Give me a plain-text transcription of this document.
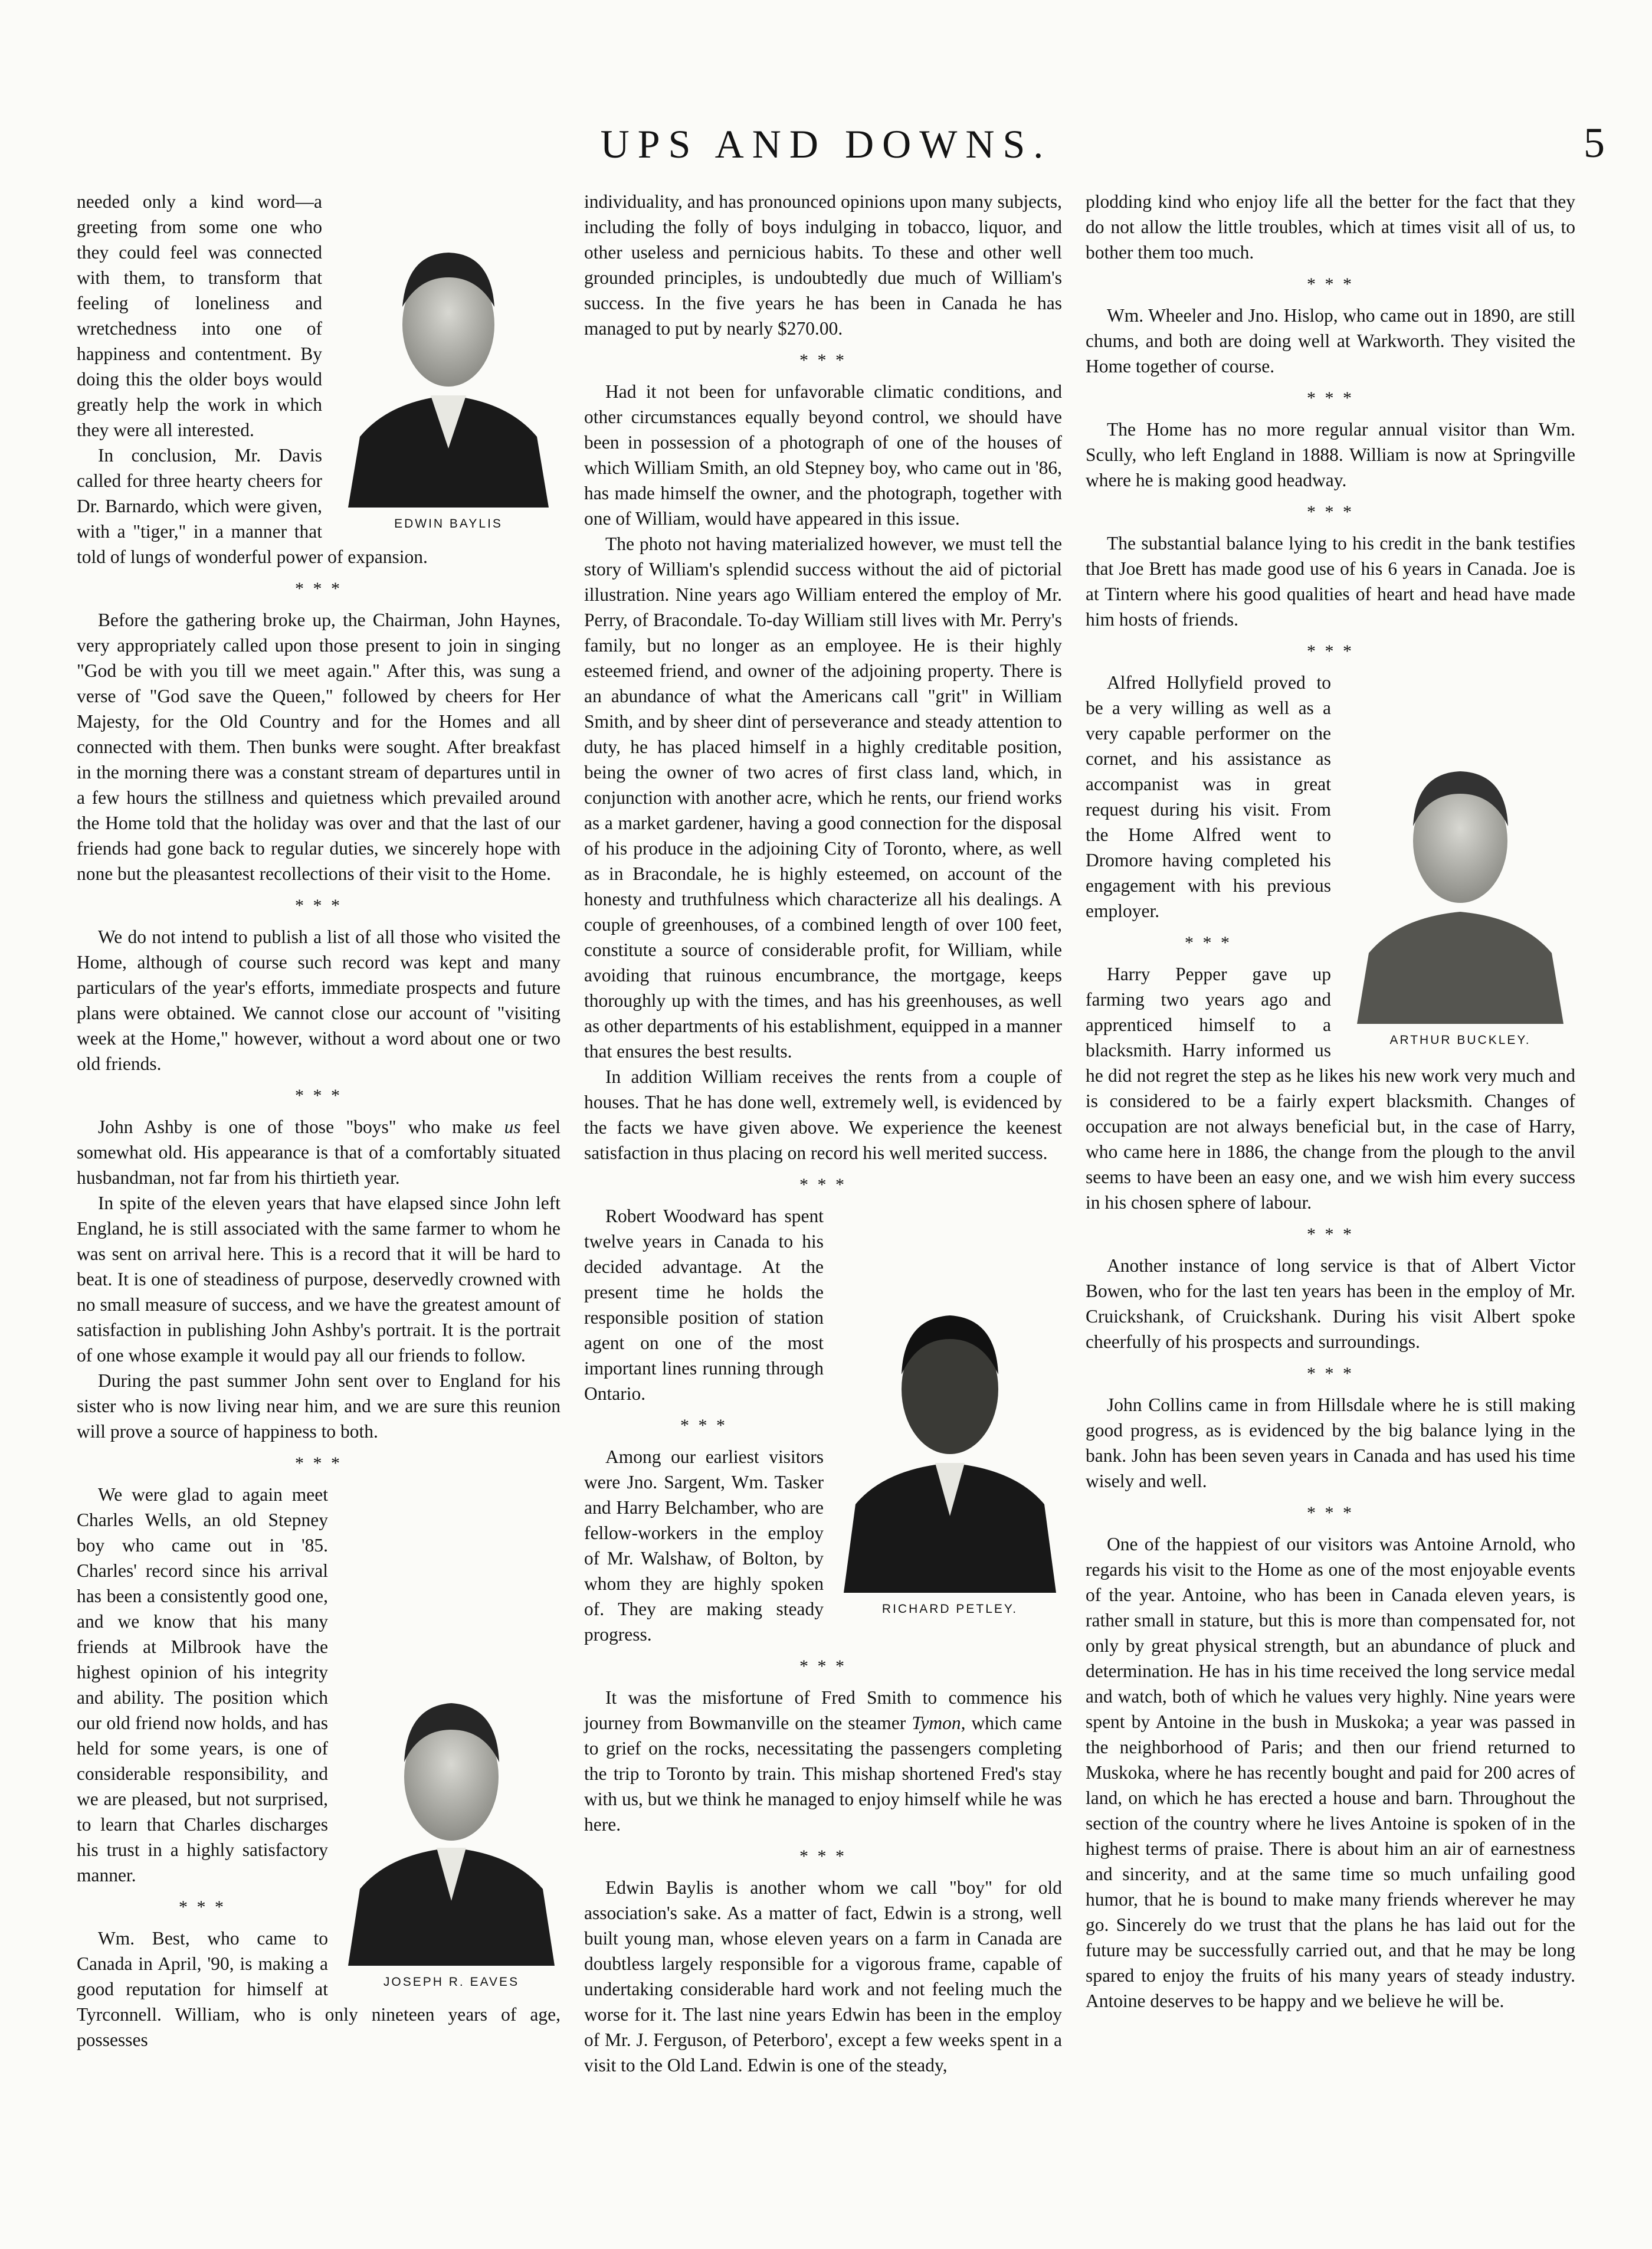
UPS AND DOWNS.	5
EDWIN BAYLIS

needed only a kind word—a greeting from some one who they could feel was connected with them, to transform that feeling of loneliness and wretchedness into one of happiness and contentment. By doing this the older boys would greatly help the work in which they were all interested.

In conclusion, Mr. Davis called for three hearty cheers for Dr. Barnardo, which were given, with a "tiger," in a manner that told of lungs of wonderful power of expansion.

* * *

Before the gathering broke up, the Chairman, John Haynes, very appropriately called upon those present to join in singing "God be with you till we meet again." After this, was sung a verse of "God save the Queen," followed by cheers for Her Majesty, for the Old Country and for the Homes and all connected with them. Then bunks were sought. After breakfast in the morning there was a constant stream of departures until in a few hours the stillness and quietness which prevailed around the Home told that the holiday was over and that the last of our friends had gone back to regular duties, we sincerely hope with none but the pleasantest recollections of their visit to the Home.

* * *

We do not intend to publish a list of all those who visited the Home, although of course such record was kept and many particulars of the year's efforts, immediate prospects and future plans were obtained. We cannot close our account of "visiting week at the Home," however, without a word about one or two old friends.

* * *

John Ashby is one of those "boys" who make us feel somewhat old. His appearance is that of a comfortably situated husbandman, not far from his thirtieth year.

In spite of the eleven years that have elapsed since John left England, he is still associated with the same farmer to whom he was sent on arrival here. This is a record that it will be hard to beat. It is one of steadiness of purpose, deservedly crowned with no small measure of success, and we have the greatest amount of satisfaction in publishing John Ashby's portrait. It is the portrait of one whose example it would pay all our friends to follow.

During the past summer John sent over to England for his sister who is now living near him, and we are sure this reunion will prove a source of happiness to both.

* * *
JOSEPH R. EAVES

We were glad to again meet Charles Wells, an old Stepney boy who came out in '85. Charles' record since his arrival has been a consistently good one, and we know that his many friends at Milbrook have the highest opinion of his integrity and ability. The position which our old friend now holds, and has held for some years, is one of considerable responsibility, and we are pleased, but not surprised, to learn that Charles discharges his trust in a highly satisfactory manner.

* * *

Wm. Best, who came to Canada in April, '90, is making a good reputation for himself at Tyrconnell. William, who is only nineteen years of age, possesses

individuality, and has pronounced opinions upon many subjects, including the folly of boys indulging in tobacco, liquor, and other useless and pernicious habits. To these and other well grounded principles, is undoubtedly due much of William's success. In the five years he has been in Canada he has managed to put by nearly $270.00.

* * *

Had it not been for unfavorable climatic conditions, and other circumstances equally beyond control, we should have been in possession of a photograph of one of the houses of which William Smith, an old Stepney boy, who came out in '86, has made himself the owner, and the photograph, together with one of William, would have appeared in this issue.

The photo not having materialized however, we must tell the story of William's splendid success without the aid of pictorial illustration. Nine years ago William entered the employ of Mr. Perry, of Bracondale. To-day William still lives with Mr. Perry's family, but no longer as an employee. He is their highly esteemed friend, and owner of the adjoining property. There is an abundance of what the Americans call "grit" in William Smith, and by sheer dint of perseverance and steady attention to duty, he has placed himself in a highly creditable position, being the owner of two acres of first class land, which, in conjunction with another acre, which he rents, our friend works as a market gardener, having a good connection for the disposal of his produce in the adjoining City of Toronto, where, as well as in Bracondale, he is highly esteemed, on account of the honesty and truthfulness which characterize all his dealings. A couple of greenhouses, of a combined length of over 100 feet, constitute a source of considerable profit, for William, while avoiding that ruinous encumbrance, the mortgage, keeps thoroughly up with the times, and has his greenhouses, as well as other departments of his establishment, equipped in a manner that ensures the best results.

In addition William receives the rents from a couple of houses. That he has done well, extremely well, is evidenced by the facts we have given above. We experience the keenest satisfaction in thus placing on record his well merited success.

* * *
RICHARD PETLEY.

Robert Woodward has spent twelve years in Canada to his decided advantage. At the present time he holds the responsible position of station agent on one of the most important lines running through Ontario.

* * *

Among our earliest visitors were Jno. Sargent, Wm. Tasker and Harry Belchamber, who are fellow-workers in the employ of Mr. Walshaw, of Bolton, by whom they are highly spoken of. They are making steady progress.

* * *

It was the misfortune of Fred Smith to commence his journey from Bowmanville on the steamer Tymon, which came to grief on the rocks, necessitating the passengers completing the trip to Toronto by train. This mishap shortened Fred's stay with us, but we think he managed to enjoy himself while he was here.

* * *

Edwin Baylis is another whom we call "boy" for old association's sake. As a matter of fact, Edwin is a strong, well built young man, whose eleven years on a farm in Canada are doubtless largely responsible for a vigorous frame, capable of undertaking considerable hard work and not feeling much the worse for it. The last nine years Edwin has been in the employ of Mr. J. Ferguson, of Peterboro', except a few weeks spent in a visit to the Old Land. Edwin is one of the steady,

plodding kind who enjoy life all the better for the fact that they do not allow the little troubles, which at times visit all of us, to bother them too much.

* * *

Wm. Wheeler and Jno. Hislop, who came out in 1890, are still chums, and both are doing well at Warkworth. They visited the Home together of course.

* * *

The Home has no more regular annual visitor than Wm. Scully, who left England in 1888. William is now at Springville where he is making good headway.

* * *

The substantial balance lying to his credit in the bank testifies that Joe Brett has made good use of his 6 years in Canada. Joe is at Tintern where his good qualities of heart and head have made him hosts of friends.

* * *
ARTHUR BUCKLEY.

Alfred Hollyfield proved to be a very willing as well as a very capable performer on the cornet, and his assistance as accompanist was in great request during his visit. From the Home Alfred went to Dromore having completed his engagement with his previous employer.

* * *

Harry Pepper gave up farming two years ago and apprenticed himself to a blacksmith. Harry informed us he did not regret the step as he likes his new work very much and is considered to be a fairly expert blacksmith. Changes of occupation are not always beneficial but, in the case of Harry, who came here in 1886, the change from the plough to the anvil seems to have been an easy one, and we wish him every success in his chosen sphere of labour.

* * *

Another instance of long service is that of Albert Victor Bowen, who for the last ten years has been in the employ of Mr. Cruickshank, of Cruickshank. During his visit Albert spoke cheerfully of his prospects and surroundings.

* * *

John Collins came in from Hillsdale where he is still making good progress, as is evidenced by the big balance lying in the bank. John has been seven years in Canada and has used his time wisely and well.

* * *

One of the happiest of our visitors was Antoine Arnold, who regards his visit to the Home as one of the most enjoyable events of the year. Antoine, who has been in Canada eleven years, is rather small in stature, but this is more than compensated for, not only by great physical strength, but an abundance of pluck and determination. He has in his time received the long service medal and watch, both of which he values very highly. Nine years were spent by Antoine in the bush in Muskoka; a year was passed in the neighborhood of Paris; and then our friend returned to Muskoka, where he has recently bought and paid for 200 acres of land, on which he has erected a house and barn. Throughout the section of the country where he lives Antoine is spoken of in the highest terms of praise. There is about him an air of earnestness and sincerity, and at the same time so much unfailing good humor, that he is bound to make many friends wherever he may go. Sincerely do we trust that the plans he has laid out for the future may be successfully carried out, and that he may be long spared to enjoy the fruits of his many years of steady industry. Antoine deserves to be happy and we believe he will be.
